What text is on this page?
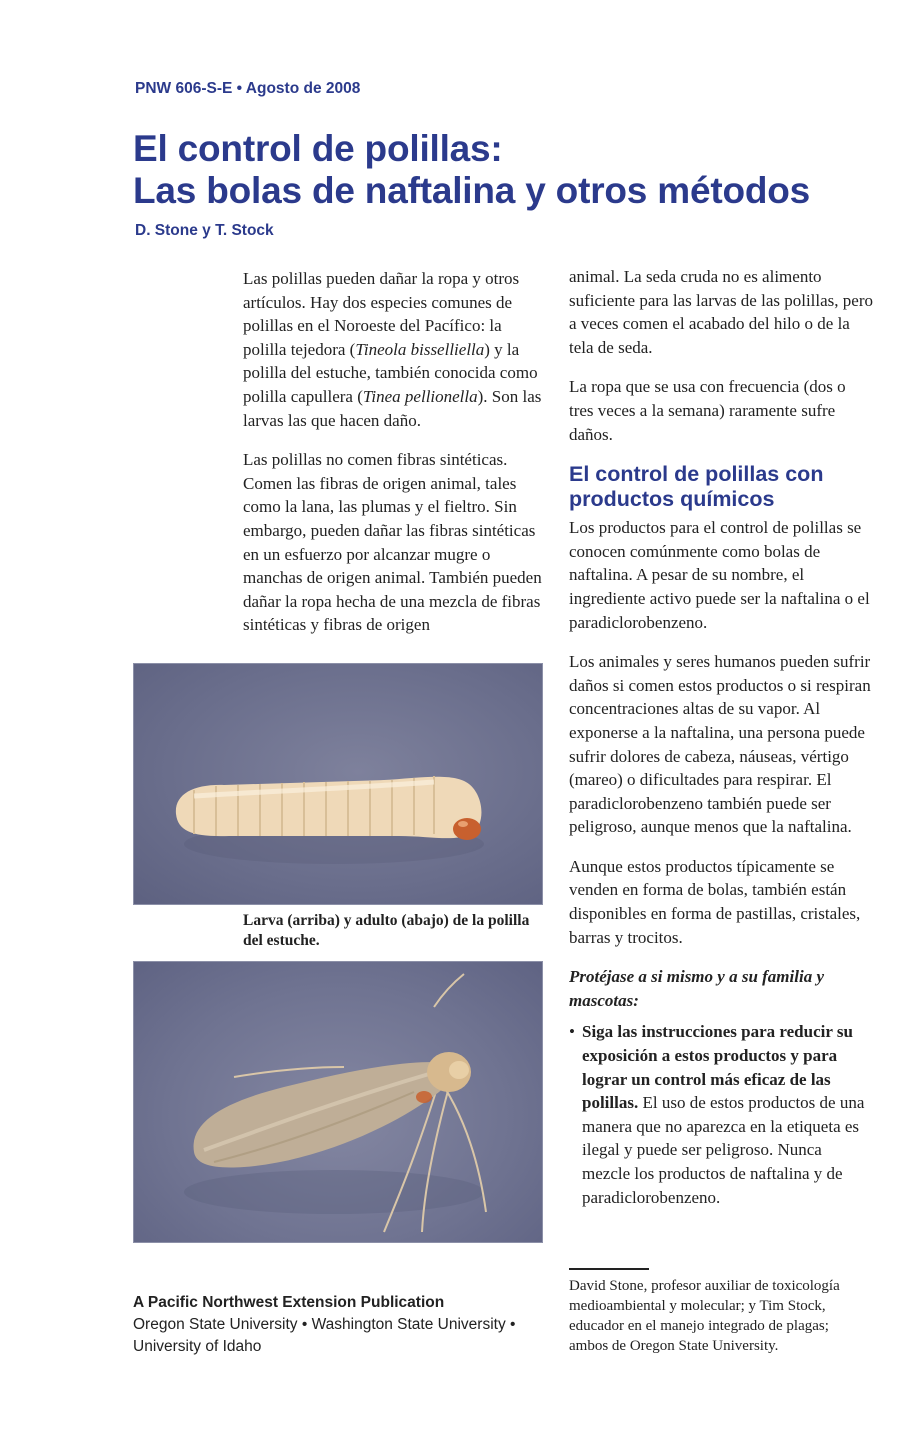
PNW 606-S-E • Agosto de 2008
El control de polillas:
Las bolas de naftalina y otros métodos
D. Stone y T. Stock

Las polillas pueden dañar la ropa y otros artículos. Hay dos especies comunes de polillas en el Noroeste del Pacífico: la polilla tejedora (Tineola bisselliella) y la polilla del estuche, también conocida como polilla capullera (Tinea pellionella). Son las larvas las que hacen daño.

Las polillas no comen fibras sintéticas. Comen las fibras de origen animal, tales como la lana, las plumas y el fieltro. Sin embargo, pueden dañar las fibras sintéticas en un esfuerzo por alcanzar mugre o manchas de origen animal. También pueden dañar la ropa hecha de una mezcla de fibras sintéticas y fibras de origen

animal. La seda cruda no es alimento suficiente para las larvas de las polillas, pero a veces comen el acabado del hilo o de la tela de seda.

La ropa que se usa con frecuencia (dos o tres veces a la semana) raramente sufre daños.

El control de polillas con productos químicos

Los productos para el control de polillas se conocen comúnmente como bolas de naftalina. A pesar de su nombre, el ingrediente activo puede ser la naftalina o el paradiclorobenzeno.

Los animales y seres humanos pueden sufrir daños si comen estos productos o si respiran concentraciones altas de su vapor. Al exponerse a la naftalina, una persona puede sufrir dolores de cabeza, náuseas, vértigo (mareo) o dificultades para respirar. El paradiclorobenzeno también puede ser peligroso, aunque menos que la naftalina.

Aunque estos productos típicamente se venden en forma de bolas, también están disponibles en forma de pastillas, cristales, barras y trocitos.

Protéjase a si mismo y a su familia y mascotas:

• Siga las instrucciones para reducir su exposición a estos productos y para lograr un control más eficaz de las polillas. El uso de estos productos de una manera que no aparezca en la etiqueta es ilegal y puede ser peligroso. Nunca mezcle los productos de naftalina y de paradiclorobenzeno.
Larva (arriba) y adulto (abajo) de la polilla del estuche.
A Pacific Northwest Extension Publication
Oregon State University • Washington State University • University of Idaho
David Stone, profesor auxiliar de toxicología medioambiental y molecular; y Tim Stock, educador en el manejo integrado de plagas; ambos de Oregon State University.
